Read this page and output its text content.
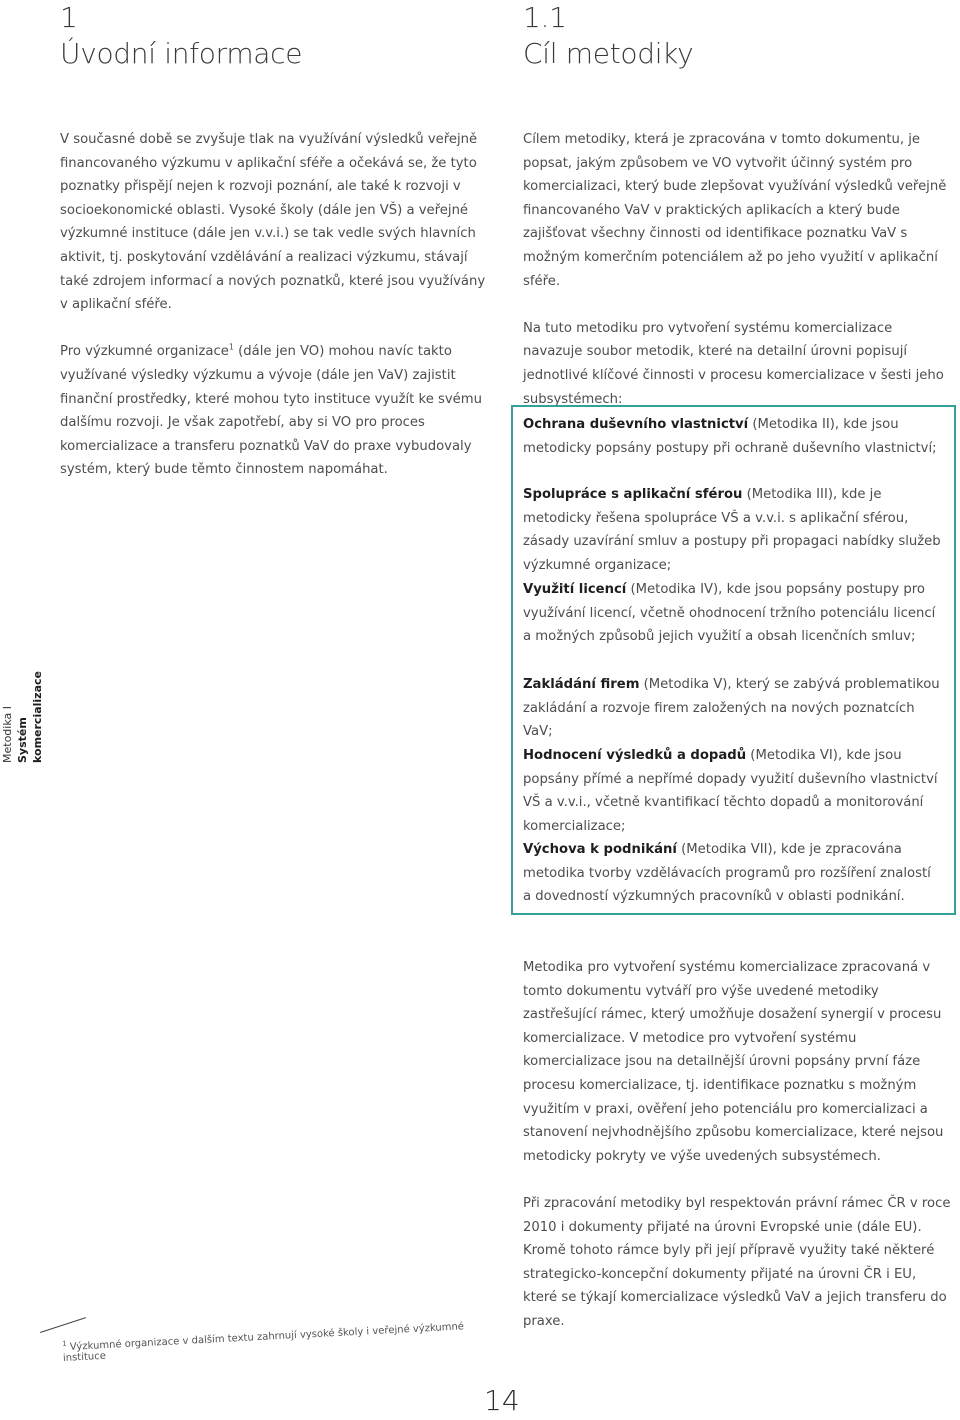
1
Úvodní informace
1.1
Cíl metodiky

V současné době se zvyšuje tlak na využívání výsledků veřejně financovaného výzkumu v aplikační sféře a očekává se, že tyto poznatky přispějí nejen k rozvoji poznání, ale také k rozvoji v socioekonomické oblasti. Vysoké školy (dále jen VŠ) a veřejné výzkumné instituce (dále jen v.v.i.) se tak vedle svých hlavních aktivit, tj. poskytování vzdělávání a realizaci výzkumu, stávají také zdrojem informací a nových poznatků, které jsou využívány v aplikační sféře.

Pro výzkumné organizace$^1$ (dále jen VO) mohou navíc takto využívané výsledky výzkumu a vývoje (dále jen VaV) zajistit finanční prostředky, které mohou tyto instituce využít ke svému dalšímu rozvoji. Je však zapotřebí, aby si VO pro proces komercializace a transferu poznatků VaV do praxe vybudovaly systém, který bude těmto činnostem napomáhat.

Cílem metodiky, která je zpracována v tomto dokumentu, je popsat, jakým způsobem ve VO vytvořit účinný systém pro komercializaci, který bude zlepšovat využívání výsledků veřejně financovaného VaV v praktických aplikacích a který bude zajišťovat všechny činnosti od identifikace poznatku VaV s možným komerčním potenciálem až po jeho využití v aplikační sféře.

Na tuto metodiku pro vytvoření systému komercializace navazuje soubor metodik, které na detailní úrovni popisují jednotlivé klíčové činnosti v procesu komercializace v šesti jeho subsystémech:

Ochrana duševního vlastnictví (Metodika II), kde jsou metodicky popsány postupy při ochraně duševního vlastnictví;
Spolupráce s aplikační sférou (Metodika III), kde je metodicky řešena spolupráce VŠ a v.v.i. s aplikační sférou, zásady uzavírání smluv a postupy při propagaci nabídky služeb výzkumné organizace;
Využití licencí (Metodika IV), kde jsou popsány postupy pro využívání licencí, včetně ohodnocení tržního potenciálu licencí a možných způsobů jejich využití a obsah licenčních smluv;
Zakládání firem (Metodika V), který se zabývá problematikou zakládání a rozvoje firem založených na nových poznatcích VaV;
Hodnocení výsledků a dopadů (Metodika VI), kde jsou popsány přímé a nepřímé dopady využití duševního vlastnictví VŠ a v.v.i., včetně kvantifikací těchto dopadů a monitorování komercializace;
Výchova k podnikání (Metodika VII), kde je zpracována metodika tvorby vzdělávacích programů pro rozšíření znalostí a dovedností výzkumných pracovníků v oblasti podnikání.

Metodika pro vytvoření systému komercializace zpracovaná v tomto dokumentu vytváří pro výše uvedené metodiky zastřešující rámec, který umožňuje dosažení synergií v procesu komercializace. V metodice pro vytvoření systému komercializace jsou na detailnější úrovni popsány první fáze procesu komercializace, tj. identifikace poznatku s možným využitím v praxi, ověření jeho potenciálu pro komercializaci a stanovení nejvhodnějšího způsobu komercializace, které nejsou metodicky pokryty ve výše uvedených subsystémech.

Při zpracování metodiky byl respektován právní rámec ČR v roce 2010 i dokumenty přijaté na úrovni Evropské unie (dále EU). Kromě tohoto rámce byly při její přípravě využity také některé strategicko-koncepční dokumenty přijaté na úrovni ČR i EU, které se týkají komercializace výsledků VaV a jejich transferu do praxe.

Metodika I Systém komercializace
$^1$ Výzkumné organizace v dalším textu zahrnují vysoké školy i veřejné výzkumné instituce
14
